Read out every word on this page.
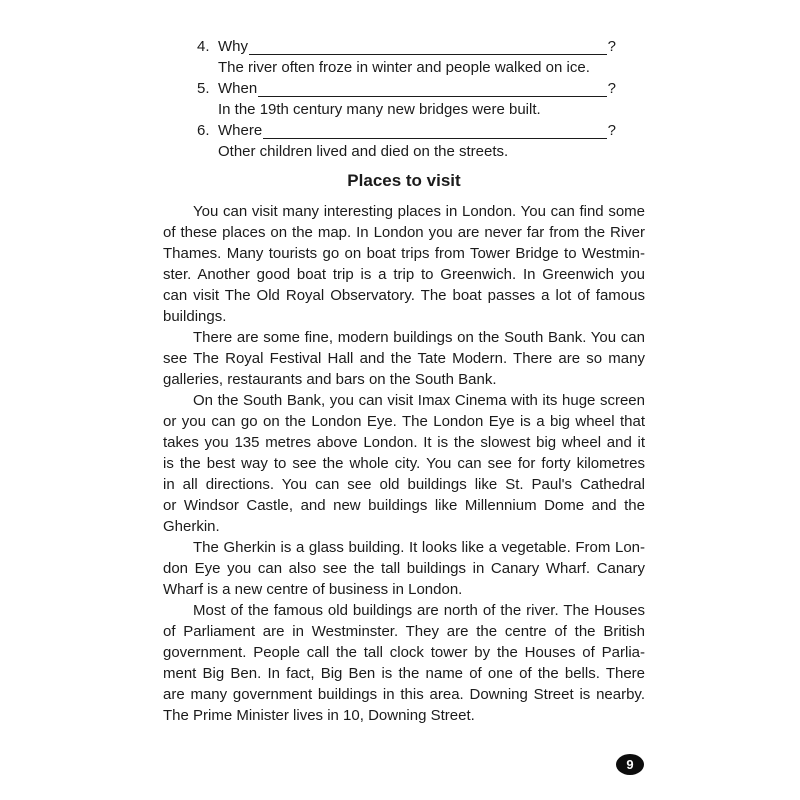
4. Why	?
The river often froze in winter and people walked on ice.
5. When	?
In the 19th century many new bridges were built.
6. Where	?
Other children lived and died on the streets.
Places to visit

You can visit many interesting places in London. You can find some
of these places on the map. In London you are never far from the River
Thames. Many tourists go on boat trips from Tower Bridge to Westmin-
ster. Another good boat trip is a trip to Greenwich. In Greenwich you
can visit The Old Royal Observatory. The boat passes a lot of famous
buildings.

There are some fine, modern buildings on the South Bank. You can
see The Royal Festival Hall and the Tate Modern. There are so many
galleries, restaurants and bars on the South Bank.

On the South Bank, you can visit Imax Cinema with its huge screen
or you can go on the London Eye. The London Eye is a big wheel that
takes you 135 metres above London. It is the slowest big wheel and it
is the best way to see the whole city. You can see for forty kilometres
in all directions. You can see old buildings like St. Paul's Cathedral
or Windsor Castle, and new buildings like Millennium Dome and the
Gherkin.

The Gherkin is a glass building. It looks like a vegetable. From Lon-
don Eye you can also see the tall buildings in Canary Wharf. Canary
Wharf is a new centre of business in London.

Most of the famous old buildings are north of the river. The Houses
of Parliament are in Westminster. They are the centre of the British
government. People call the tall clock tower by the Houses of Parlia-
ment Big Ben. In fact, Big Ben is the name of one of the bells. There
are many government buildings in this area. Downing Street is nearby.
The Prime Minister lives in 10, Downing Street.

9
